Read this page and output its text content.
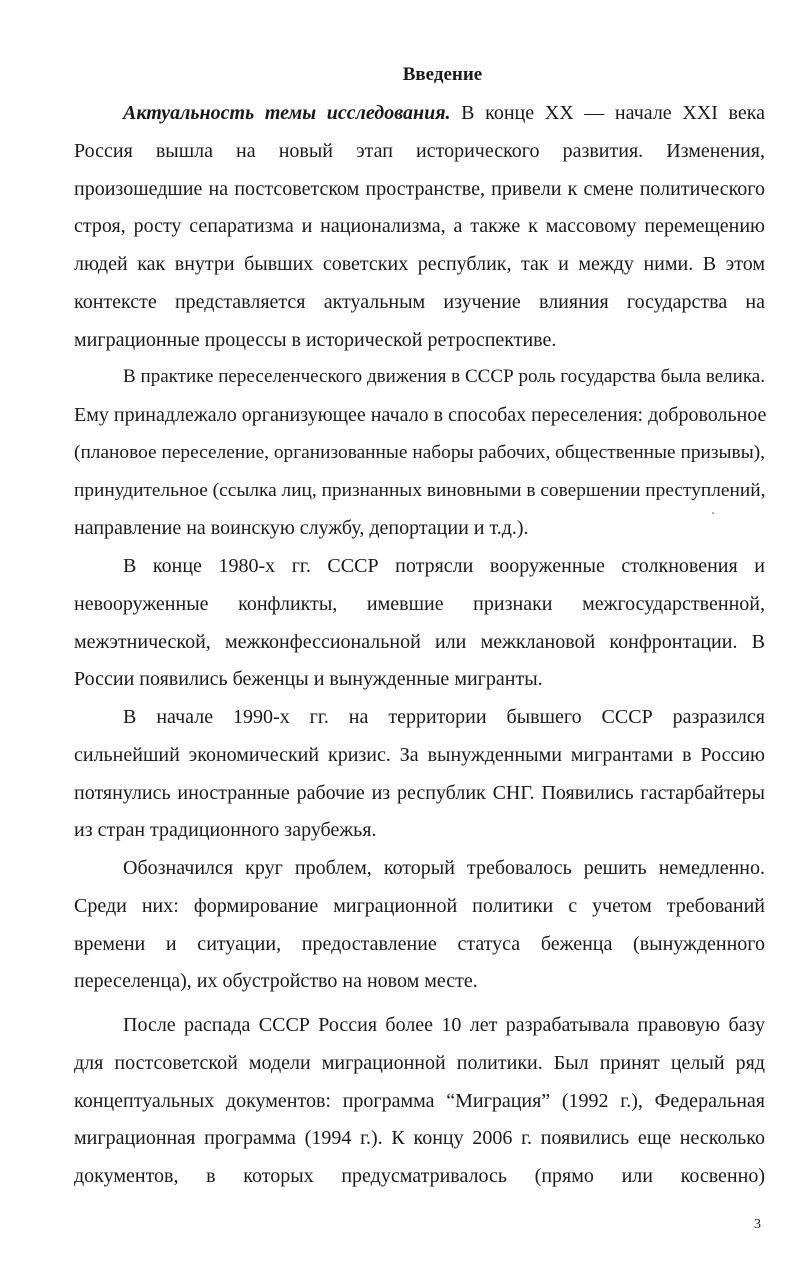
Введение
Актуальность темы исследования. В конце XX — начале XXI века
Россия вышла на новый этап исторического развития. Изменения,
произошедшие на постсоветском пространстве, привели к смене политического
строя, росту сепаратизма и национализма, а также к массовому перемещению
людей как внутри бывших советских республик, так и между ними. В этом
контексте представляется актуальным изучение влияния государства на
миграционные процессы в исторической ретроспективе.
В практике переселенческого движения в СССР роль государства была велика.
Ему принадлежало организующее начало в способах переселения: добровольное
(плановое переселение, организованные наборы рабочих, общественные призывы),
принудительное (ссылка лиц, признанных виновными в совершении преступлений,
направление на воинскую службу, депортации и т.д.).
В конце 1980-х гг. СССР потрясли вооруженные столкновения и
невооруженные конфликты, имевшие признаки межгосударственной,
межэтнической, межконфессиональной или межклановой конфронтации. В
России появились беженцы и вынужденные мигранты.
В начале 1990-х гг. на территории бывшего СССР разразился
сильнейший экономический кризис. За вынужденными мигрантами в Россию
потянулись иностранные рабочие из республик СНГ. Появились гастарбайтеры
из стран традиционного зарубежья.
Обозначился круг проблем, который требовалось решить немедленно.
Среди них: формирование миграционной политики с учетом требований
времени и ситуации, предоставление статуса беженца (вынужденного
переселенца), их обустройство на новом месте.
После распада СССР Россия более 10 лет разрабатывала правовую базу
для постсоветской модели миграционной политики. Был принят целый ряд
концептуальных документов: программа “Миграция” (1992 г.), Федеральная
миграционная программа (1994 г.). К концу 2006 г. появились еще несколько
документов, в которых предусматривалось (прямо или косвенно)
3
